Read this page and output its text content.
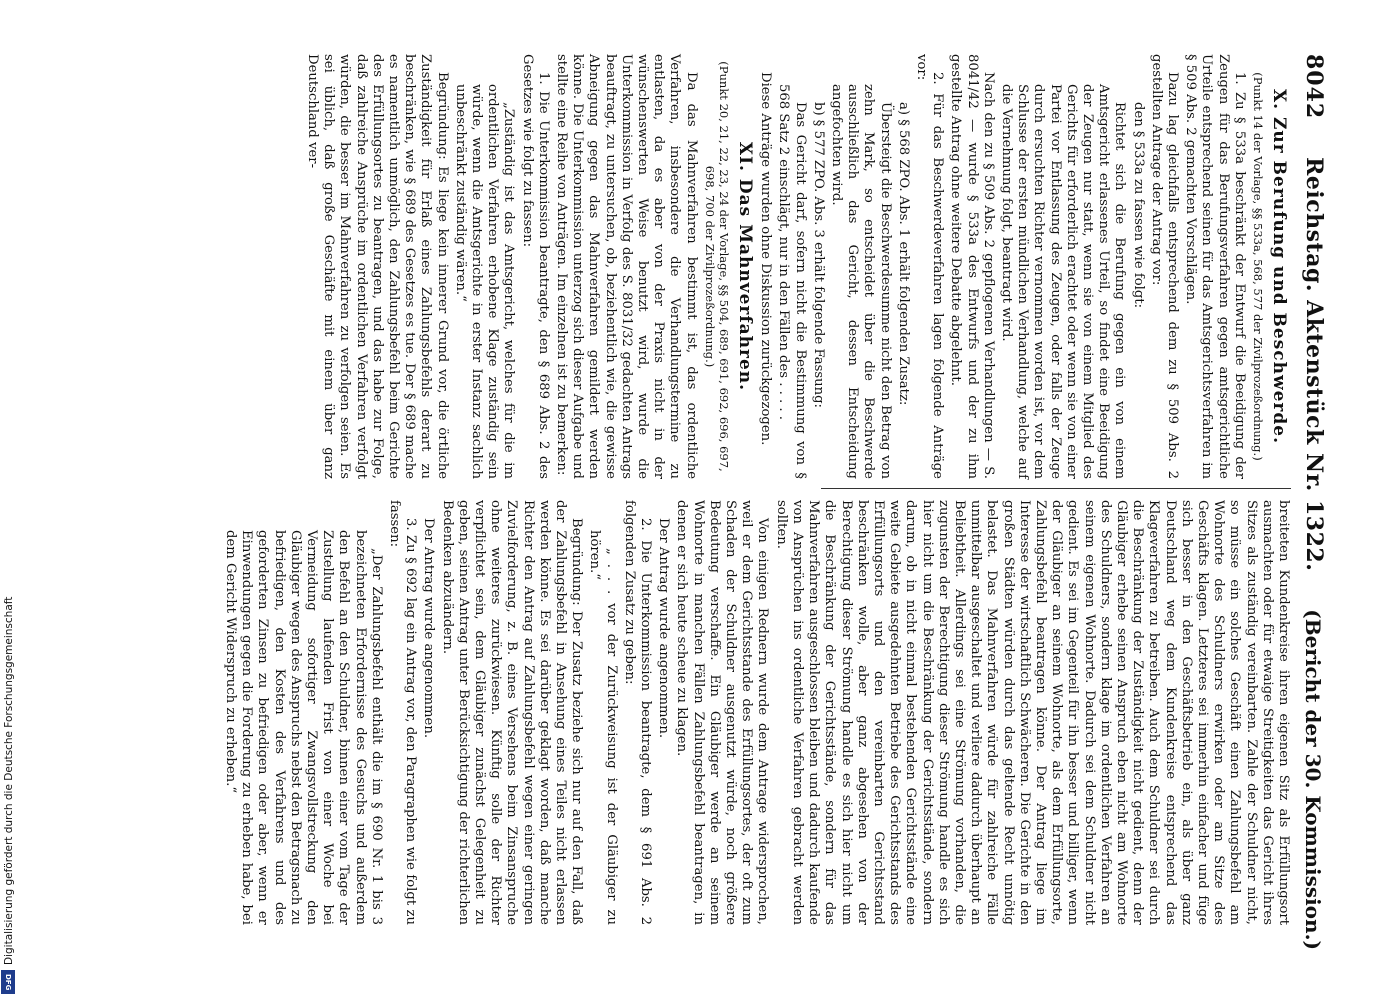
8042
Reichstag. Aktenstück Nr. 1322.
(Bericht der 30. Kommission.)
X. Zur Berufung und Beschwerde.
(Punkt 14 der Vorlage, §§ 533a, 568, 577 der Zivilprozeßordnung.)

1. Zu § 533a beschränkt der Entwurf die Beeidigung der Zeugen für das Berufungsverfahren gegen amtsgerichtliche Urteile entsprechend seinen für das Amtsgerichtsverfahren im § 509 Abs. 2 gemachten Vorschlägen.

Dazu lag gleichfalls entsprechend dem zu § 509 Abs. 2 gestellten Antrage der Antrag vor:

den § 533a zu fassen wie folgt:

Richtet sich die Berufung gegen ein von einem Amtsgericht erlassenes Urteil, so findet eine Beeidigung der Zeugen nur statt, wenn sie von einem Mitglied des Gerichts für erforderlich erachtet oder wenn sie von einer Partei vor Entlassung des Zeugen, oder falls der Zeuge durch ersuchten Richter vernommen worden ist, vor dem Schlusse der ersten mündlichen Verhandlung, welche auf die Vernehmung folgt, beantragt wird.

Nach den zu § 509 Abs. 2 gepflogenen Verhandlungen — S. 8041/42 — wurde § 533a des Entwurfs und der zu ihm gestellte Antrag ohne weitere Debatte abgelehnt.

2. Für das Beschwerdeverfahren lagen folgende Anträge vor:

a) § 568 ZPO. Abs. 1 erhält folgenden Zusatz:

Übersteigt die Beschwerdesumme nicht den Betrag von zehn Mark, so entscheidet über die Beschwerde ausschließlich das Gericht, dessen Entscheidung angefochten wird.

b) § 577 ZPO. Abs. 3 erhält folgende Fassung:

Das Gericht darf, sofern nicht die Bestimmung von § 568 Satz 2 einschlägt, nur in den Fällen des . . . . .

Diese Anträge wurden ohne Diskussion zurückgezogen.

XI. Das Mahnverfahren.
(Punkt 20, 21, 22, 23, 24 der Vorlage, §§ 504, 689, 691, 692, 696, 697, 698, 700 der Zivilprozeßordnung.)

Da das Mahnverfahren bestimmt ist, das ordentliche Verfahren, insbesondere die Verhandlungstermine zu entlasten, da es aber von der Praxis nicht in der wünschenswerten Weise benutzt wird, wurde die Unterkommission in Verfolg des S. 8031/32 gedachten Antrags beauftragt, zu untersuchen, ob, beziehentlich wie, die gewisse Abneigung gegen das Mahnverfahren gemildert werden könne. Die Unterkommission unterzog sich dieser Aufgabe und stellte eine Reihe von Anträgen. Im einzelnen ist zu bemerken:

1. Die Unterkommission beantragte, den § 689 Abs. 2 des Gesetzes wie folgt zu fassen:

„Zuständig ist das Amtsgericht, welches für die im ordentlichen Verfahren erhobene Klage zuständig sein würde, wenn die Amtsgerichte in erster Instanz sachlich unbeschränkt zuständig wären.“

Begründung: Es liege kein innerer Grund vor, die örtliche Zuständigkeit für Erlaß eines Zahlungsbefehls derart zu beschränken, wie § 689 des Gesetzes es tue. Der § 689 mache es namentlich unmöglich, den Zahlungsbefehl beim Gerichte des Erfüllungsortes zu beantragen, und das habe zur Folge, daß zahlreiche Ansprüche im ordentlichen Verfahren verfolgt würden, die besser im Mahnverfahren zu verfolgen seien. Es sei üblich, daß große Geschäfte mit einem über ganz Deutschland ver-

breiteten Kundenkreise ihren eigenen Sitz als Erfüllungsort ausmachten oder für etwaige Streitigkeiten das Gericht ihres Sitzes als zuständig vereinbarten. Zahle der Schuldner nicht, so müsse ein solches Geschäft einen Zahlungsbefehl am Wohnorte des Schuldners erwirken oder am Sitze des Geschäfts klagen. Letzteres sei immerhin einfacher und füge sich besser in den Geschäftsbetrieb ein, als über ganz Deutschland weg dem Kundenkreise entsprechend das Klageverfahren zu betreiben. Auch dem Schuldner sei durch die Beschränkung der Zuständigkeit nicht gedient, denn der Gläubiger erhebe seinen Anspruch eben nicht am Wohnorte des Schuldners, sondern klage im ordentlichen Verfahren an seinem eigenen Wohnorte. Dadurch sei dem Schuldner nicht gedient. Es sei im Gegenteil für ihn besser und billiger, wenn der Gläubiger an seinem Wohnorte, als dem Erfüllungsorte, Zahlungsbefehl beantragen könne. Der Antrag liege im Interesse der wirtschaftlich Schwächeren. Die Gerichte in den großen Städten würden durch das geltende Recht unnötig belastet. Das Mahnverfahren würde für zahlreiche Fälle unmittelbar ausgeschaltet und verliere dadurch überhaupt an Beliebtheit. Allerdings sei eine Strömung vorhanden, die zugunsten der Berechtigung dieser Strömung handle es sich hier nicht um die Beschränkung der Gerichtsstände, sondern darum, ob in nicht einmal bestehenden Gerichtsstände eine weite Gebiete ausgedehnten Betriebe des Gerichtsstands des Erfüllungsorts und den vereinbarten Gerichtsstand beschränken wolle, aber ganz abgesehen von der Berechtigung dieser Strömung handle es sich hier nicht um die Beschränkung der Gerichtsstände, sondern für das Mahnverfahren ausgeschlossen bleiben und dadurch kaufende von Ansprüchen ins ordentliche Verfahren gebracht werden sollten.

Von einigen Rednern wurde dem Antrage widersprochen, weil er dem Gerichtsstande des Erfüllungsortes, der oft zum Schaden der Schuldner ausgenutzt würde, noch größere Bedeutung verschaffe. Ein Gläubiger werde an seinem Wohnorte in manchen Fällen Zahlungsbefehl beantragen, in denen er sich heute scheue zu klagen.

Der Antrag wurde angenommen.

2. Die Unterkommission beantragte, dem § 691 Abs. 2 folgenden Zusatz zu geben:

„ . . . vor der Zurückweisung ist der Gläubiger zu hören.“

Begründung: Der Zusatz beziehe sich nur auf den Fall, daß der Zahlungsbefehl in Ansehung eines Teiles nicht erlassen werden könne. Es sei darüber geklagt worden, daß manche Richter den Antrag auf Zahlungsbefehl wegen einer geringen Zuvielforderung, z. B. eines Versehens beim Zinsanspruche ohne weiteres zurückwiesen. Künftig solle der Richter verpflichtet sein, dem Gläubiger zunächst Gelegenheit zu geben, seinen Antrag unter Berücksichtigung der richterlichen Bedenken abzuändern.

Der Antrag wurde angenommen.

3. Zu § 692 lag ein Antrag vor, den Paragraphen wie folgt zu fassen:

„Der Zahlungsbefehl enthält die im § 690 Nr. 1 bis 3 bezeichneten Erfordernisse des Gesuchs und außerdem den Befehl an den Schuldner, binnen einer vom Tage der Zustellung laufenden Frist von einer Woche bei Vermeidung sofortiger Zwangsvollstreckung den Gläubiger wegen des Anspruchs nebst den Betragsnach zu befriedigen, den Kosten des Verfahrens und des geforderten Zinsen zu befriedigen oder aber, wenn er Einwendungen gegen die Forderung zu erheben habe, bei dem Gericht Widerspruch zu erheben.“

Digitalisierung gefördert durch die Deutsche Forschungsgemeinschaft
DFG
